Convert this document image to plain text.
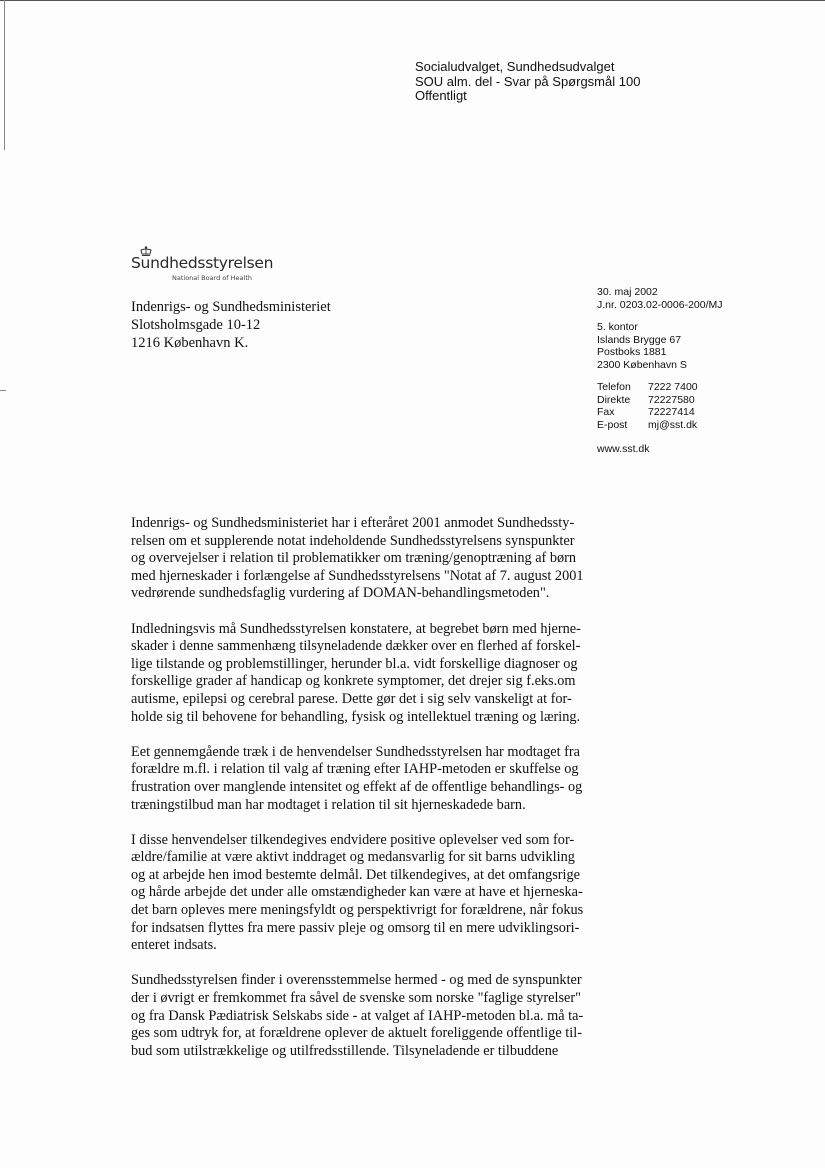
Socialudvalget, Sundhedsudvalget
SOU alm. del - Svar på Spørgsmål 100
Offentligt
Sundhedsstyrelsen
National Board of Health
Indenrigs- og Sundhedsministeriet
Slotsholmsgade 10-12
1216 København K.
30. maj 2002
J.nr. 0203.02-0006-200/MJ
5. kontor
Islands Brygge 67
Postboks 1881
2300 København S
Telefon	7222 7400
Direkte	72227580
Fax	72227414
E-post	mj@sst.dk
www.sst.dk

Indenrigs- og Sundhedsministeriet har i efteråret 2001 anmodet Sundhedssty-
relsen om et supplerende notat indeholdende Sundhedsstyrelsens synspunkter
og overvejelser i relation til problematikker om træning/genoptræning af børn
med hjerneskader i forlængelse af Sundhedsstyrelsens "Notat af 7. august 2001
vedrørende sundhedsfaglig vurdering af DOMAN-behandlingsmetoden".

Indledningsvis må Sundhedsstyrelsen konstatere, at begrebet børn med hjerne-
skader i denne sammenhæng tilsyneladende dækker over en flerhed af forskel-
lige tilstande og problemstillinger, herunder bl.a. vidt forskellige diagnoser og
forskellige grader af handicap og konkrete symptomer, det drejer sig f.eks.om
autisme, epilepsi og cerebral parese. Dette gør det i sig selv vanskeligt at for-
holde sig til behovene for behandling, fysisk og intellektuel træning og læring.

Eet gennemgående træk i de henvendelser Sundhedsstyrelsen har modtaget fra
forældre m.fl. i relation til valg af træning efter IAHP-metoden er skuffelse og
frustration over manglende intensitet og effekt af de offentlige behandlings- og
træningstilbud man har modtaget i relation til sit hjerneskadede barn.

I disse henvendelser tilkendegives endvidere positive oplevelser ved som for-
ældre/familie at være aktivt inddraget og medansvarlig for sit barns udvikling
og at arbejde hen imod bestemte delmål. Det tilkendegives, at det omfangsrige
og hårde arbejde det under alle omstændigheder kan være at have et hjerneska-
det barn opleves mere meningsfyldt og perspektivrigt for forældrene, når fokus
for indsatsen flyttes fra mere passiv pleje og omsorg til en mere udviklingsori-
enteret indsats.

Sundhedsstyrelsen finder i overensstemmelse hermed - og med de synspunkter
der i øvrigt er fremkommet fra såvel de svenske som norske "faglige styrelser"
og fra Dansk Pædiatrisk Selskabs side - at valget af IAHP-metoden bl.a. må ta-
ges som udtryk for, at forældrene oplever de aktuelt foreliggende offentlige til-
bud som utilstrækkelige og utilfredsstillende. Tilsyneladende er tilbuddene
